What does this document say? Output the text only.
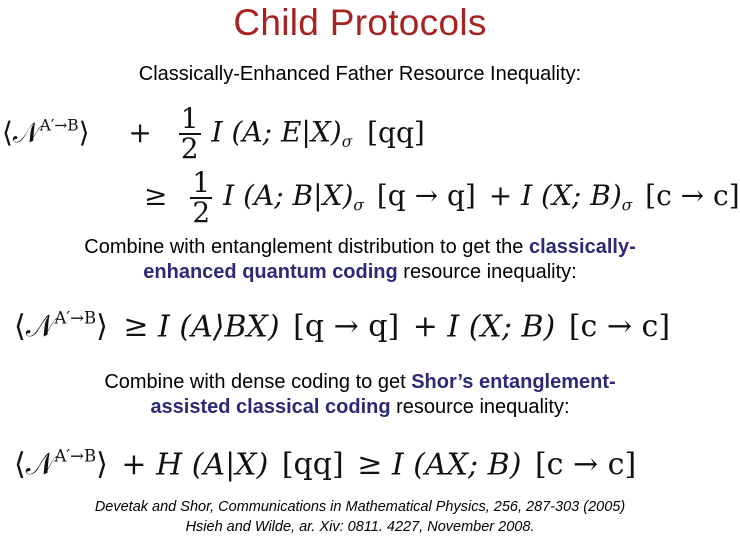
Child Protocols
Classically-Enhanced Father Resource Inequality:
⟨𝒩$^{A'\to B}$⟩ + $\frac{1}{2}$ I (A; $E|X)_\sigma$ [qq]
≥ $\frac{1}{2}$ I (A; $B|X)_\sigma$ [q → q] + I (X; $B)_\sigma$ [c → c]
Combine with entanglement distribution to get the classically-
enhanced quantum coding resource inequality:
⟨𝒩$^{A'\to B}$⟩ ≥ I (A⟩BX) [q → q] + I (X; B) [c → c]
Combine with dense coding to get Shor’s entanglement-
assisted classical coding resource inequality:
⟨𝒩$^{A'\to B}$⟩ + H (A|X) [qq] ≥ I (AX; B) [c → c]
Devetak and Shor, Communications in Mathematical Physics, 256, 287-303 (2005)
Hsieh and Wilde, ar. Xiv: 0811. 4227, November 2008.
